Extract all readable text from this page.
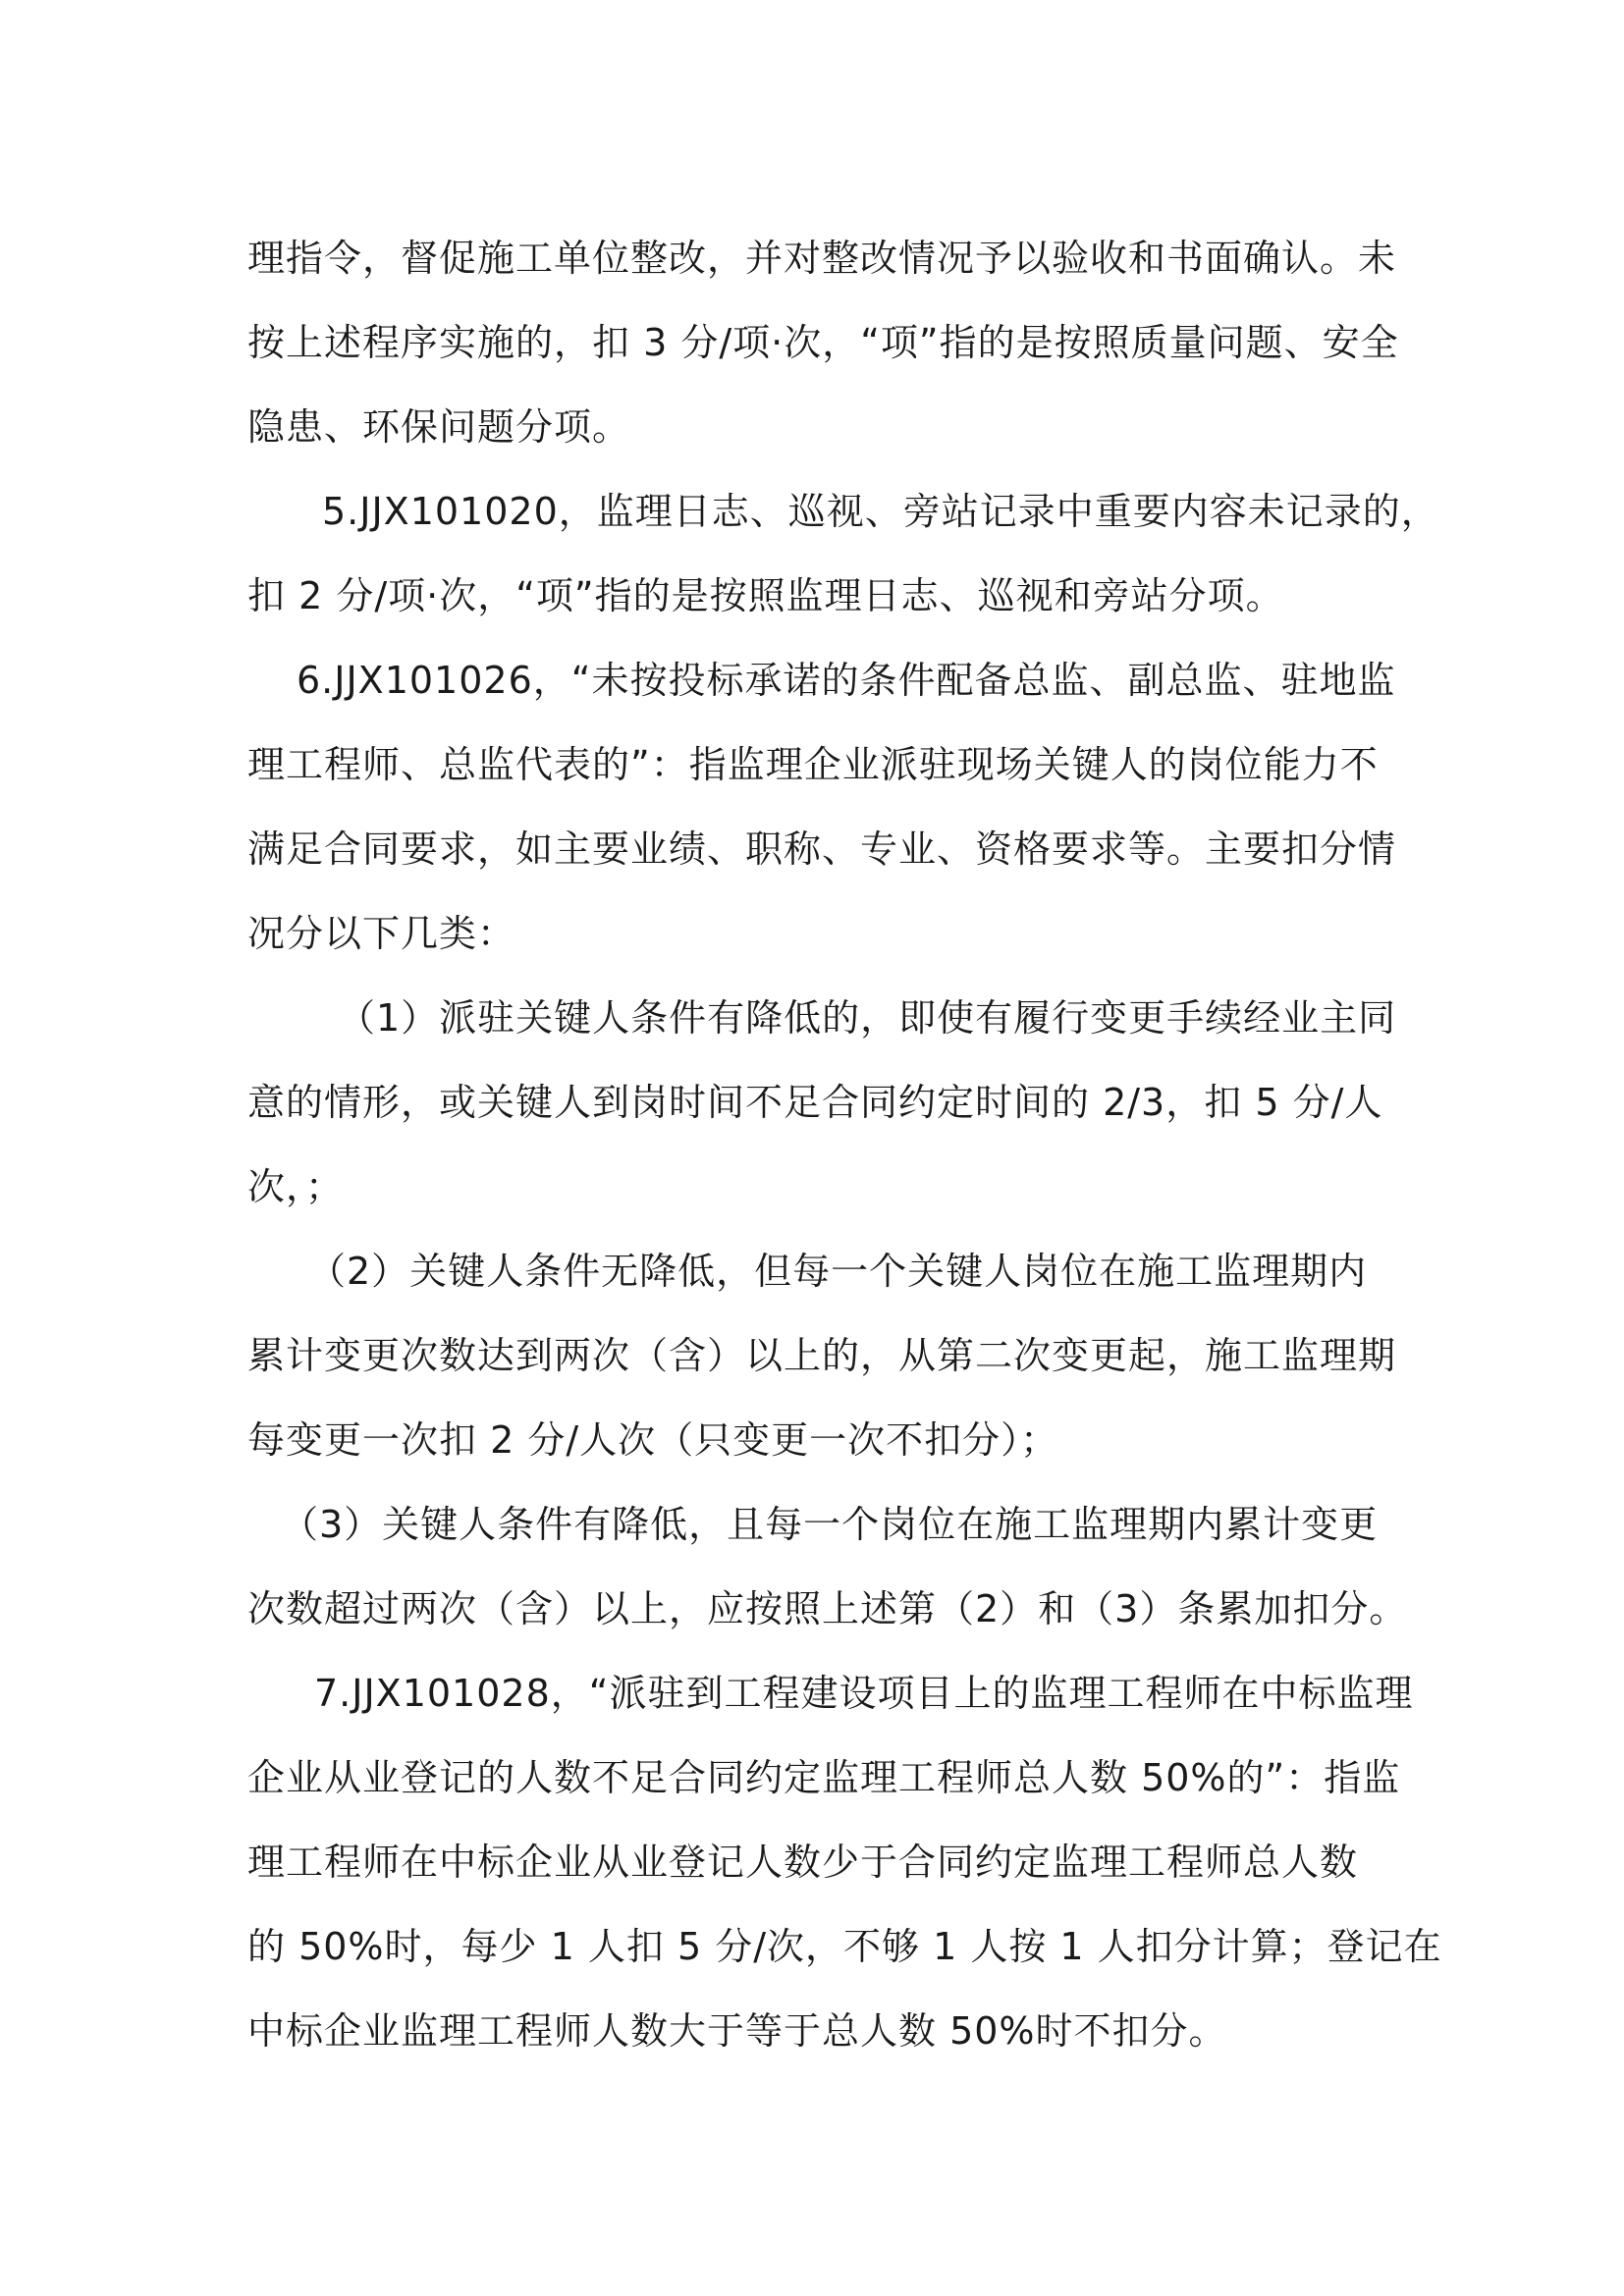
理指令，督促施工单位整改，并对整改情况予以验收和书面确认。未
按上述程序实施的，扣 3 分/项·次，“项”指的是按照质量问题、安全
隐患、环保问题分项。
5.JJX101020，监理日志、巡视、旁站记录中重要内容未记录的，
扣 2 分/项·次，“项”指的是按照监理日志、巡视和旁站分项。
6.JJX101026，“未按投标承诺的条件配备总监、副总监、驻地监
理工程师、总监代表的”：指监理企业派驻现场关键人的岗位能力不
满足合同要求，如主要业绩、职称、专业、资格要求等。主要扣分情
况分以下几类：
（1）派驻关键人条件有降低的，即使有履行变更手续经业主同
意的情形，或关键人到岗时间不足合同约定时间的 2/3，扣 5 分/人
次，；
（2）关键人条件无降低，但每一个关键人岗位在施工监理期内
累计变更次数达到两次（含）以上的，从第二次变更起，施工监理期
每变更一次扣 2 分/人次（只变更一次不扣分）；
（3）关键人条件有降低，且每一个岗位在施工监理期内累计变更
次数超过两次（含）以上，应按照上述第（2）和（3）条累加扣分。
7.JJX101028，“派驻到工程建设项目上的监理工程师在中标监理
企业从业登记的人数不足合同约定监理工程师总人数 50%的”：指监
理工程师在中标企业从业登记人数少于合同约定监理工程师总人数
的 50%时，每少 1 人扣 5 分/次，不够 1 人按 1 人扣分计算；登记在
中标企业监理工程师人数大于等于总人数 50%时不扣分。
